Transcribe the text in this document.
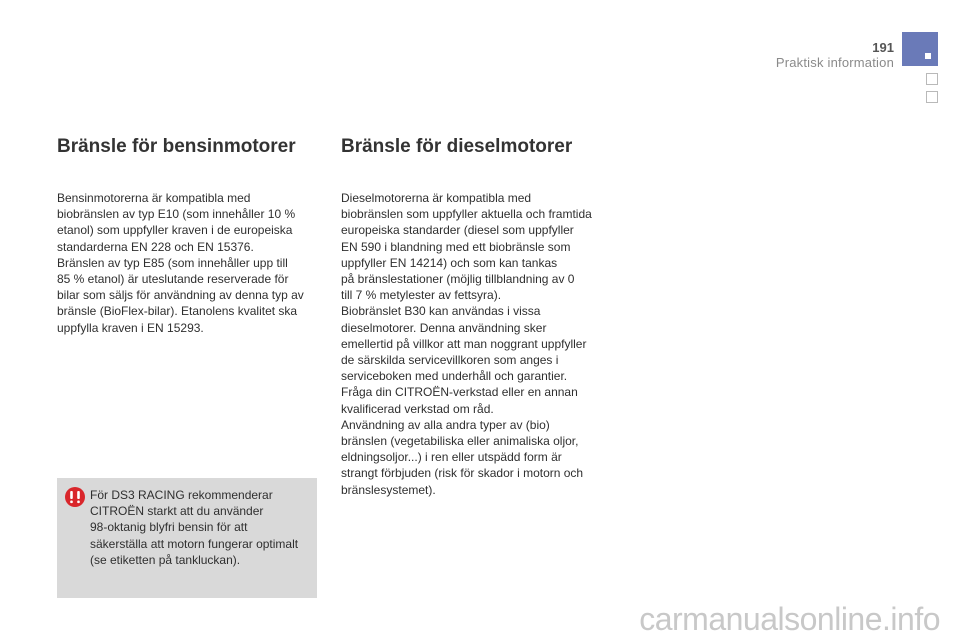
191
Praktisk information
Bränsle för bensinmotorer

Bensinmotorerna är kompatibla med
biobränslen av typ E10 (som innehåller 10 %
etanol) som uppfyller kraven i de europeiska
standarderna EN 228 och EN 15376.
Bränslen av typ E85 (som innehåller upp till
85 % etanol) är uteslutande reserverade för
bilar som säljs för användning av denna typ av
bränsle (BioFlex-bilar). Etanolens kvalitet ska
uppfylla kraven i EN 15293.

För DS3 RACING rekommenderar
CITROËN starkt att du använder
98-oktanig blyfri bensin för att
säkerställa att motorn fungerar optimalt
(se etiketten på tankluckan).

Bränsle för dieselmotorer

Dieselmotorerna är kompatibla med
biobränslen som uppfyller aktuella och framtida
europeiska standarder (diesel som uppfyller
EN 590 i blandning med ett biobränsle som
uppfyller EN 14214) och som kan tankas
på bränslestationer (möjlig tillblandning av 0
till 7 % metylester av fettsyra).
Biobränslet B30 kan användas i vissa
dieselmotorer. Denna användning sker
emellertid på villkor att man noggrant uppfyller
de särskilda servicevillkoren som anges i
serviceboken med underhåll och garantier.
Fråga din CITROËN-verkstad eller en annan
kvalificerad verkstad om råd.
Användning av alla andra typer av (bio)
bränslen (vegetabiliska eller animaliska oljor,
eldningsoljor...) i ren eller utspädd form är
strangt förbjuden (risk för skador i motorn och
bränslesystemet).

carmanualsonline.info
